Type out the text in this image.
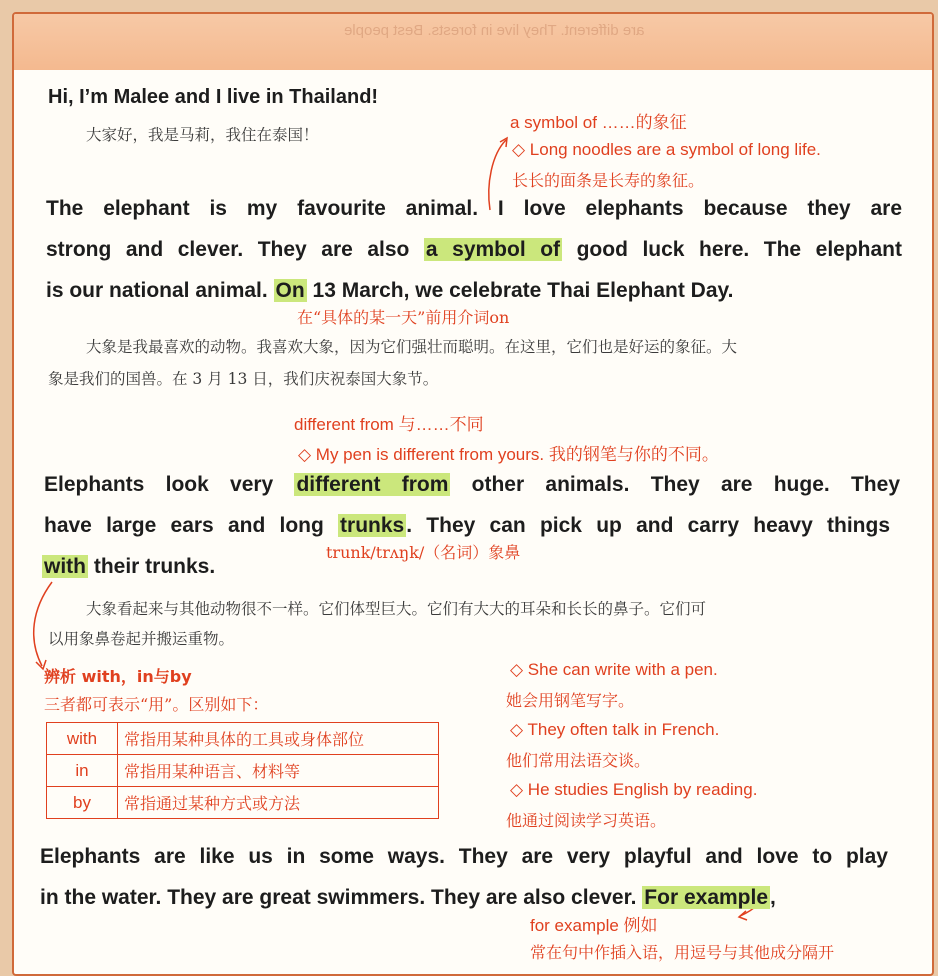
are different. They live in forests. Best people
Hi, I’m Malee and I live in Thailand!
大家好，我是马莉，我住在泰国！
a symbol of ……的象征
◇ Long noodles are a symbol of long life.
长长的面条是长寿的象征。
The elephant is my favourite animal. I love elephants because they are
strong and clever. They are also a symbol of good luck here. The elephant
is our national animal. On 13 March, we celebrate Thai Elephant Day.
在“具体的某一天”前用介词on
大象是我最喜欢的动物。我喜欢大象，因为它们强壮而聪明。在这里，它们也是好运的象征。大
象是我们的国兽。在 3 月 13 日，我们庆祝泰国大象节。
different from 与……不同
◇ My pen is different from yours. 我的钢笔与你的不同。
Elephants look very different from other animals. They are huge. They
have large ears and long trunks. They can pick up and carry heavy things
with their trunks.
trunk/trʌŋk/（名词）象鼻
大象看起来与其他动物很不一样。它们体型巨大。它们有大大的耳朵和长长的鼻子。它们可
以用象鼻卷起并搬运重物。
辨析 with，in与by
三者都可表示“用”。区别如下：
with	常指用某种具体的工具或身体部位
in	常指用某种语言、材料等
by	常指通过某种方式或方法
◇ She can write with a pen.
她会用钢笔写字。
◇ They often talk in French.
他们常用法语交谈。
◇ He studies English by reading.
他通过阅读学习英语。
Elephants are like us in some ways. They are very playful and love to play
in the water. They are great swimmers. They are also clever. For example,
for example 例如
常在句中作插入语，用逗号与其他成分隔开
